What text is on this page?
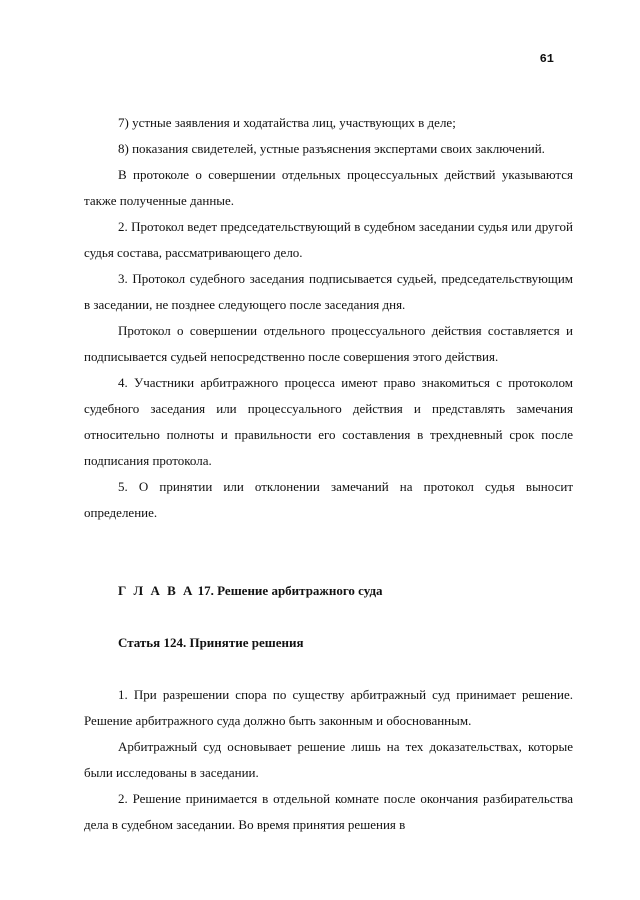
61

7) устные заявления и ходатайства лиц, участвующих в деле;

8) показания свидетелей, устные разъяснения экспертами своих заключений.

В протоколе о совершении отдельных процессуальных действий указываются также полученные данные.

2. Протокол ведет председательствующий в судебном заседании судья или другой судья состава, рассматривающего дело.

3. Протокол судебного заседания подписывается судьей, председательствующим в заседании, не позднее следующего после заседания дня.

Протокол о совершении отдельного процессуального действия составляется и подписывается судьей непосредственно после совершения этого действия.

4. Участники арбитражного процесса имеют право знакомиться с протоколом судебного заседания или процессуального действия и представлять замечания относительно полноты и правильности его составления в трехдневный срок после подписания протокола.

5. О принятии или отклонении замечаний на протокол судья выносит определение.

Г Л А В А 17. Решение арбитражного суда

Статья 124. Принятие решения

1. При разрешении спора по существу арбитражный суд принимает решение. Решение арбитражного суда должно быть законным и обоснованным.

Арбитражный суд основывает решение лишь на тех доказательствах, которые были исследованы в заседании.

2. Решение принимается в отдельной комнате после окончания разбирательства дела в судебном заседании. Во время принятия решения в
